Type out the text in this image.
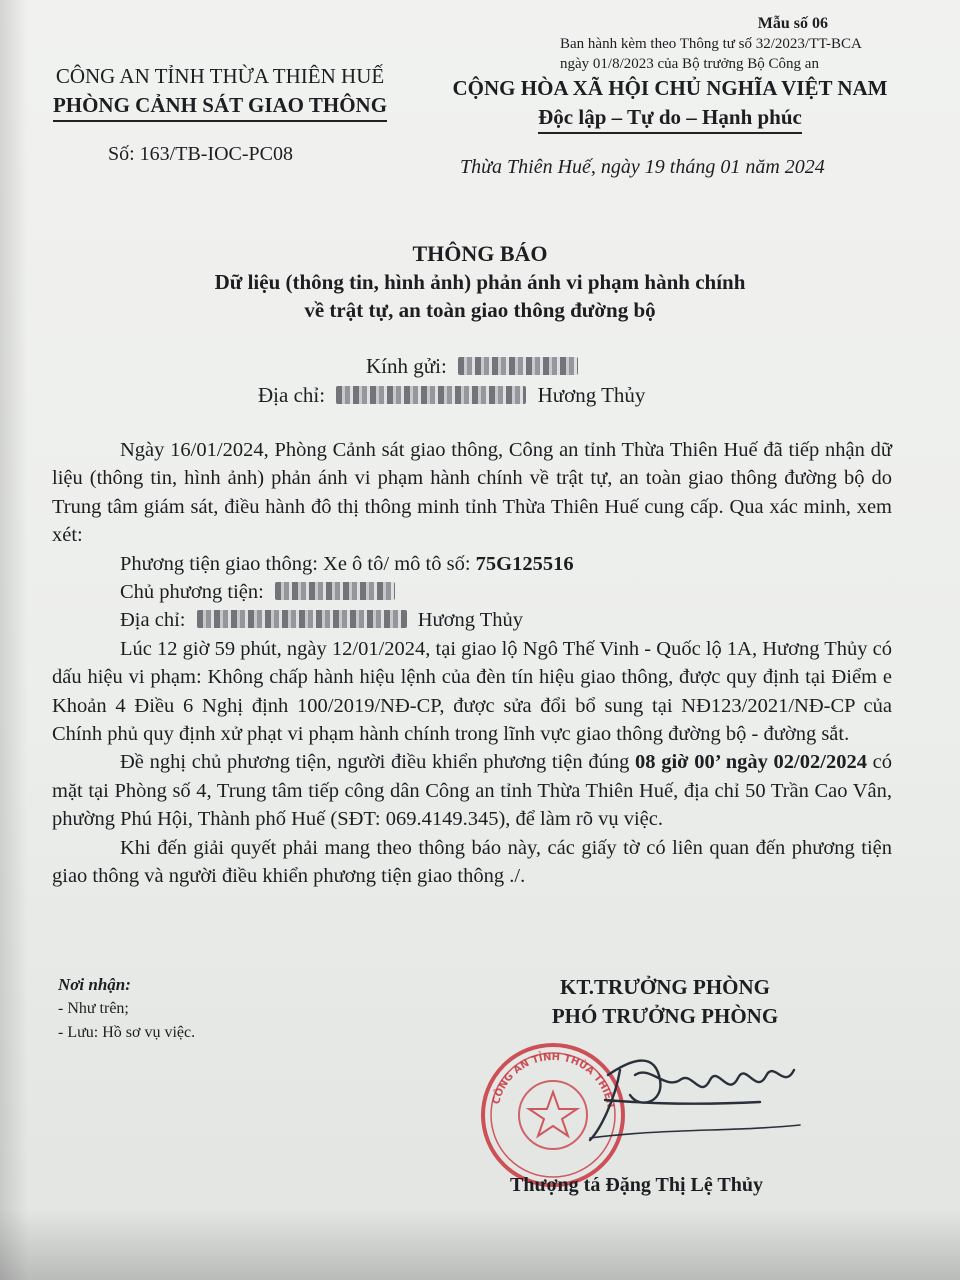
Mẫu số 06
Ban hành kèm theo Thông tư số 32/2023/TT-BCA
ngày 01/8/2023 của Bộ trưởng Bộ Công an
CÔNG AN TỈNH THỪA THIÊN HUẾ
PHÒNG CẢNH SÁT GIAO THÔNG
Số: 163/TB-IOC-PC08
CỘNG HÒA XÃ HỘI CHỦ NGHĨA VIỆT NAM
Độc lập – Tự do – Hạnh phúc
Thừa Thiên Huế, ngày 19 tháng 01 năm 2024
THÔNG BÁO
Dữ liệu (thông tin, hình ảnh) phản ánh vi phạm hành chính
về trật tự, an toàn giao thông đường bộ
Kính gửi:
Địa chỉ:	Hương Thủy

Ngày 16/01/2024, Phòng Cảnh sát giao thông, Công an tỉnh Thừa Thiên Huế đã tiếp nhận dữ liệu (thông tin, hình ảnh) phản ánh vi phạm hành chính về trật tự, an toàn giao thông đường bộ do Trung tâm giám sát, điều hành đô thị thông minh tỉnh Thừa Thiên Huế cung cấp. Qua xác minh, xem xét:

Phương tiện giao thông: Xe ô tô/ mô tô số: 75G125516

Chủ phương tiện:

Địa chỉ:	Hương Thủy

Lúc 12 giờ 59 phút, ngày 12/01/2024, tại giao lộ Ngô Thế Vinh - Quốc lộ 1A, Hương Thủy có dấu hiệu vi phạm: Không chấp hành hiệu lệnh của đèn tín hiệu giao thông, được quy định tại Điểm e Khoản 4 Điều 6 Nghị định 100/2019/NĐ-CP, được sửa đổi bổ sung tại NĐ123/2021/NĐ-CP của Chính phủ quy định xử phạt vi phạm hành chính trong lĩnh vực giao thông đường bộ - đường sắt.

Đề nghị chủ phương tiện, người điều khiển phương tiện đúng 08 giờ 00’ ngày 02/02/2024 có mặt tại Phòng số 4, Trung tâm tiếp công dân Công an tỉnh Thừa Thiên Huế, địa chỉ 50 Trần Cao Vân, phường Phú Hội, Thành phố Huế (SĐT: 069.4149.345), để làm rõ vụ việc.

Khi đến giải quyết phải mang theo thông báo này, các giấy tờ có liên quan đến phương tiện giao thông và người điều khiển phương tiện giao thông ./.

Nơi nhận:
- Như trên;
- Lưu: Hồ sơ vụ việc.
KT.TRƯỞNG PHÒNG
PHÓ TRƯỞNG PHÒNG
CÔNG AN TỈNH THỪA THIÊN
Thượng tá Đặng Thị Lệ Thủy
